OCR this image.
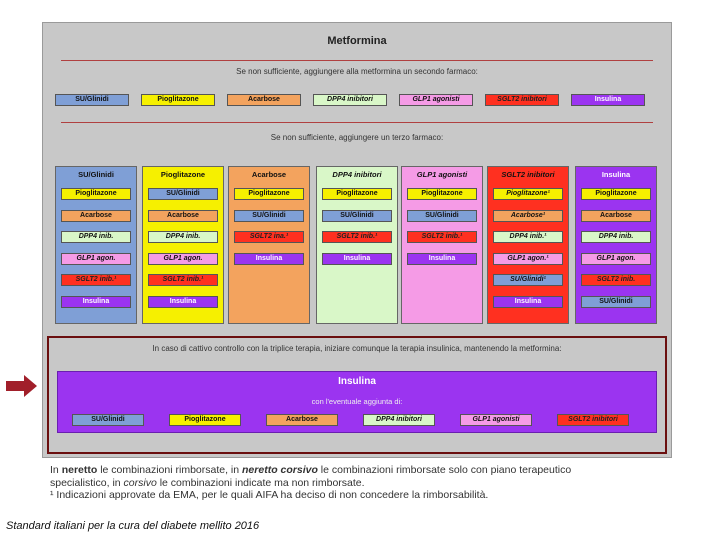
Metformina
Se non sufficiente, aggiungere alla metformina un secondo farmaco:
SU/Glinidi	Pioglitazone	Acarbose	DPP4 inibitori	GLP1 agonisti	SGLT2 inibitori	Insulina
Se non sufficiente, aggiungere un terzo farmaco:
SU/Glinidi
Pioglitazone
Acarbose
DPP4 inib.
GLP1 agon.
SGLT2 inib.¹
Insulina
Pioglitazone
SU/Glinidi
Acarbose
DPP4 inib.
GLP1 agon.
SGLT2 inib.¹
Insulina
Acarbose
Pioglitazone
SU/Glinidi
SGLT2 ina.¹
Insulina
DPP4 inibitori
Pioglitazone
SU/Glinidi
SGLT2 inib.¹
Insulina
GLP1 agonisti
Pioglitazone
SU/Glinidi
SGLT2 inib.¹
Insulina
SGLT2 inibitori
Pioglitazone¹
Acarbose¹
DPP4 inib.¹
GLP1 agon.¹
SU/Glinidi¹
Insulina
Insulina
Pioglitazone
Acarbose
DPP4 inib.
GLP1 agon.
SGLT2 inib.
SU/Glinidi
In caso di cattivo controllo con la triplice terapia, iniziare comunque la terapia insulinica, mantenendo la metformina:
Insulina
con l'eventuale aggiunta di:
SU/Glinidi	Pioglitazone	Acarbose	DPP4 inibitori	GLP1 agonisti	SGLT2 inibitori
In neretto le combinazioni rimborsate, in neretto corsivo le combinazioni rimborsate solo con piano terapeutico
specialistico, in corsivo le combinazioni indicate ma non rimborsate.
¹ Indicazioni approvate da EMA, per le quali AIFA ha deciso di non concedere la rimborsabilità.
Standard italiani per la cura del diabete mellito 2016
